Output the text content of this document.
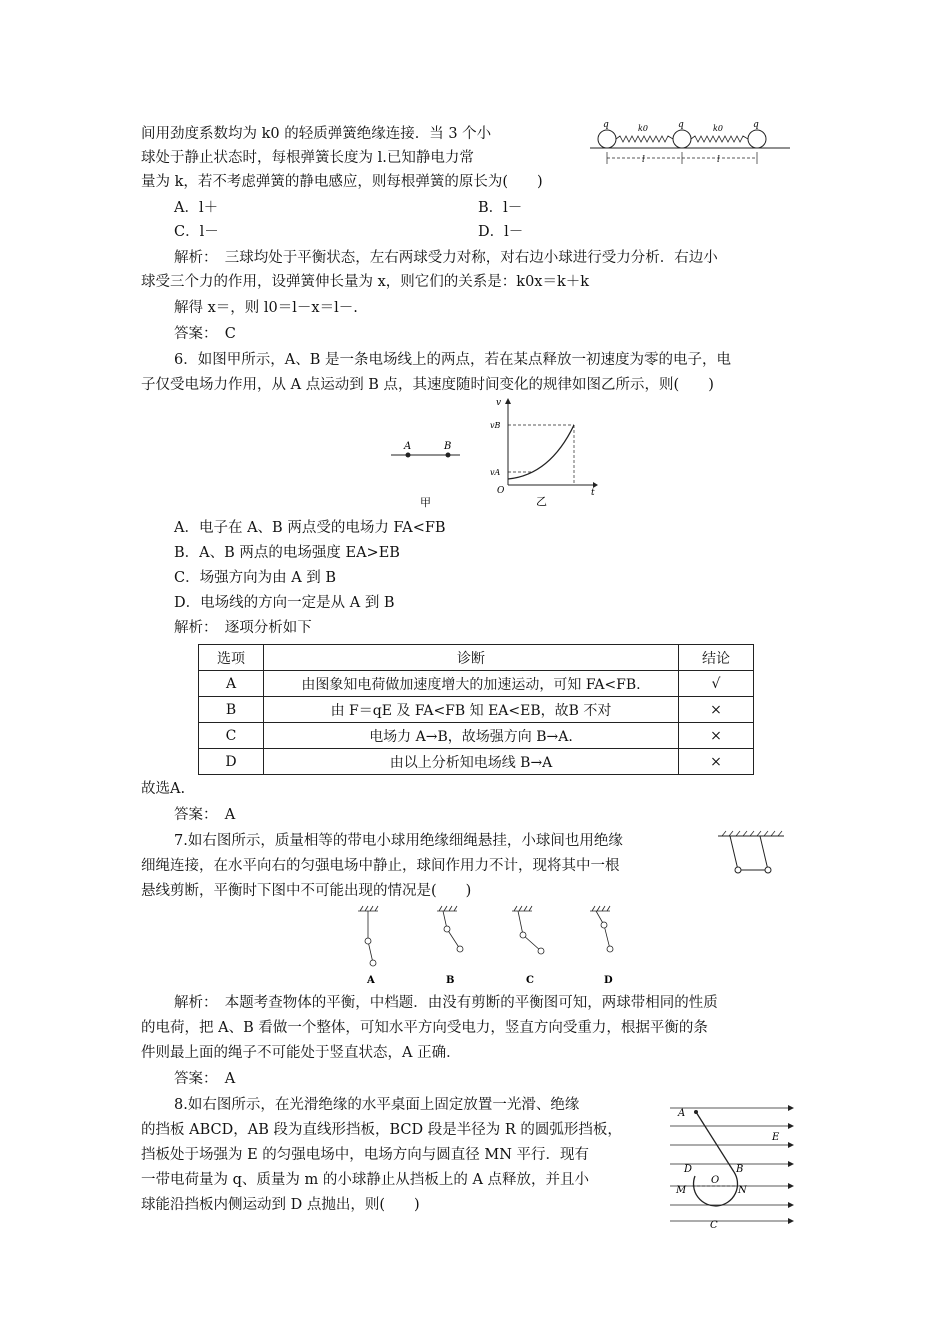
间用劲度系数均为 k0 的轻质弹簧绝缘连接．当 3 个小
球处于静止状态时，每根弹簧长度为 l.已知静电力常
量为 k，若不考虑弹簧的静电感应，则每根弹簧的原长为(　　)
q	q	q
k0	k0
l	l
A．l＋	B．l－
C．l－	D．l－
解析：　三球均处于平衡状态，左右两球受力对称，对右边小球进行受力分析．右边小
球受三个力的作用，设弹簧伸长量为 x，则它们的关系是：k0x＝k＋k
解得 x＝，则 l0＝l－x＝l－.
答案：　C
6．如图甲所示，A、B 是一条电场线上的两点，若在某点释放一初速度为零的电子，电
子仅受电场力作用，从 A 点运动到 B 点，其速度随时间变化的规律如图乙所示，则(　　)
A	B
甲
v
vB
vA
O	t
乙
A．电子在 A、B 两点受的电场力 FA<FB
B．A、B 两点的电场强度 EA>EB
C．场强方向为由 A 到 B
D．电场线的方向一定是从 A 到 B
解析：　逐项分析如下
选项	诊断	结论
A	由图象知电荷做加速度增大的加速运动，可知 FA<FB.	√
B	由 F＝qE 及 FA<FB 知 EA<EB，故B 不对	×
C	电场力 A→B，故场强方向 B→A.	×
D	由以上分析知电场线 B→A	×
故选A.
答案：　A
7.如右图所示，质量相等的带电小球用绝缘细绳悬挂，小球间也用绝缘
细绳连接，在水平向右的匀强电场中静止，球间作用力不计，现将其中一根
悬线剪断，平衡时下图中不可能出现的情况是(　　)
A	B	C	D
解析：　本题考查物体的平衡，中档题．由没有剪断的平衡图可知，两球带相同的性质
的电荷，把 A、B 看做一个整体，可知水平方向受电力，竖直方向受重力，根据平衡的条
件则最上面的绳子不可能处于竖直状态，A 正确．
答案：　A
8.如右图所示，在光滑绝缘的水平桌面上固定放置一光滑、绝缘
的挡板 ABCD，AB 段为直线形挡板，BCD 段是半径为 R 的圆弧形挡板，
挡板处于场强为 E 的匀强电场中，电场方向与圆直径 MN 平行．现有
一带电荷量为 q、质量为 m 的小球静止从挡板上的 A 点释放，并且小
球能沿挡板内侧运动到 D 点抛出，则(　　)
A
E
D	B
M
O
N
C
